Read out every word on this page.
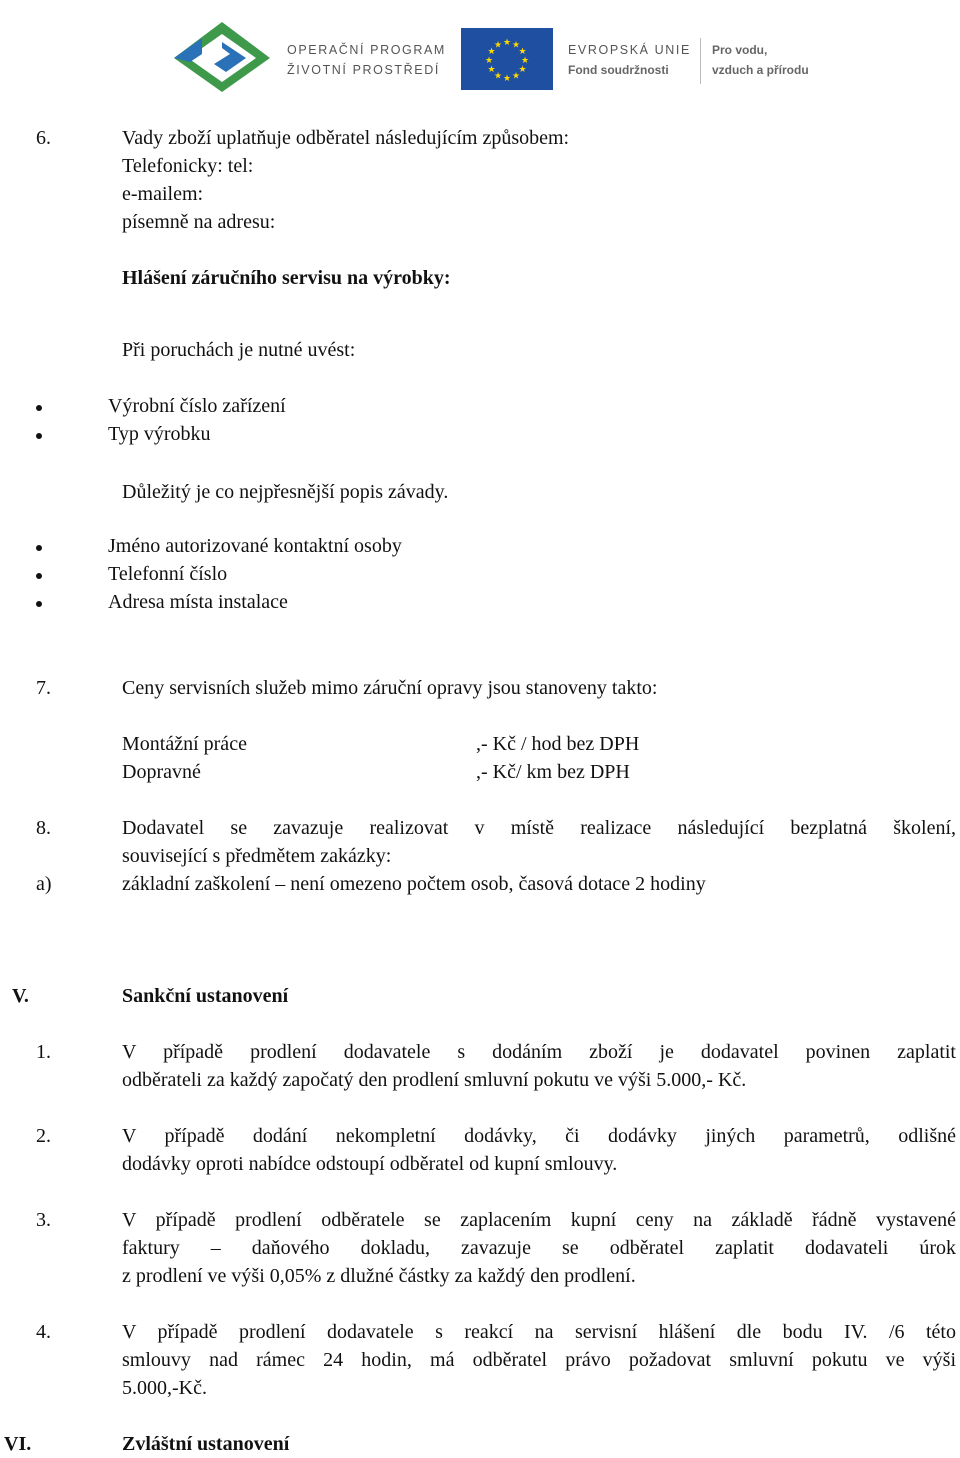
OPERAČNÍ PROGRAM
ŽIVOTNÍ PROSTŘEDÍ
★ ★
★
★
★
★
★
★
★
★
★
★	EVROPSKÁ UNIE
Fond soudržnosti
Pro vodu,
vzduch a přírodu
6.	Vady zboží uplatňuje odběratel následujícím způsobem:
Telefonicky: tel:
e-mailem:
písemně na adresu:
Hlášení záručního servisu na výrobky:
Při poruchách je nutné uvést:
Výrobní číslo zařízení
Typ výrobku
Důležitý je co nejpřesnější popis závady.
Jméno autorizované kontaktní osoby
Telefonní číslo
Adresa místa instalace
7.	Ceny servisních služeb mimo záruční opravy jsou stanoveny takto:
Montážní práce	,- Kč / hod bez DPH
Dopravné	,- Kč/ km bez DPH
8.	Dodavatel se zavazuje realizovat v místě realizace následující bezplatná školení,
související s předmětem zakázky:
a)	základní zaškolení – není omezeno počtem osob, časová dotace 2 hodiny
V.	Sankční ustanovení
1.	V případě prodlení dodavatele s dodáním zboží je dodavatel povinen zaplatit
odběrateli za každý započatý den prodlení smluvní pokutu ve výši 5.000,- Kč.
2.	V případě dodání nekompletní dodávky, či dodávky jiných parametrů, odlišné
dodávky oproti nabídce odstoupí odběratel od kupní smlouvy.
3.	V případě prodlení odběratele se zaplacením kupní ceny na základě řádně vystavené
faktury – daňového dokladu, zavazuje se odběratel zaplatit dodavateli úrok
z prodlení ve výši 0,05% z dlužné částky za každý den prodlení.
4.	V případě prodlení dodavatele s reakcí na servisní hlášení dle bodu IV. /6 této
smlouvy nad rámec 24 hodin, má odběratel právo požadovat smluvní pokutu ve výši
5.000,-Kč.
VI.	Zvláštní ustanovení
